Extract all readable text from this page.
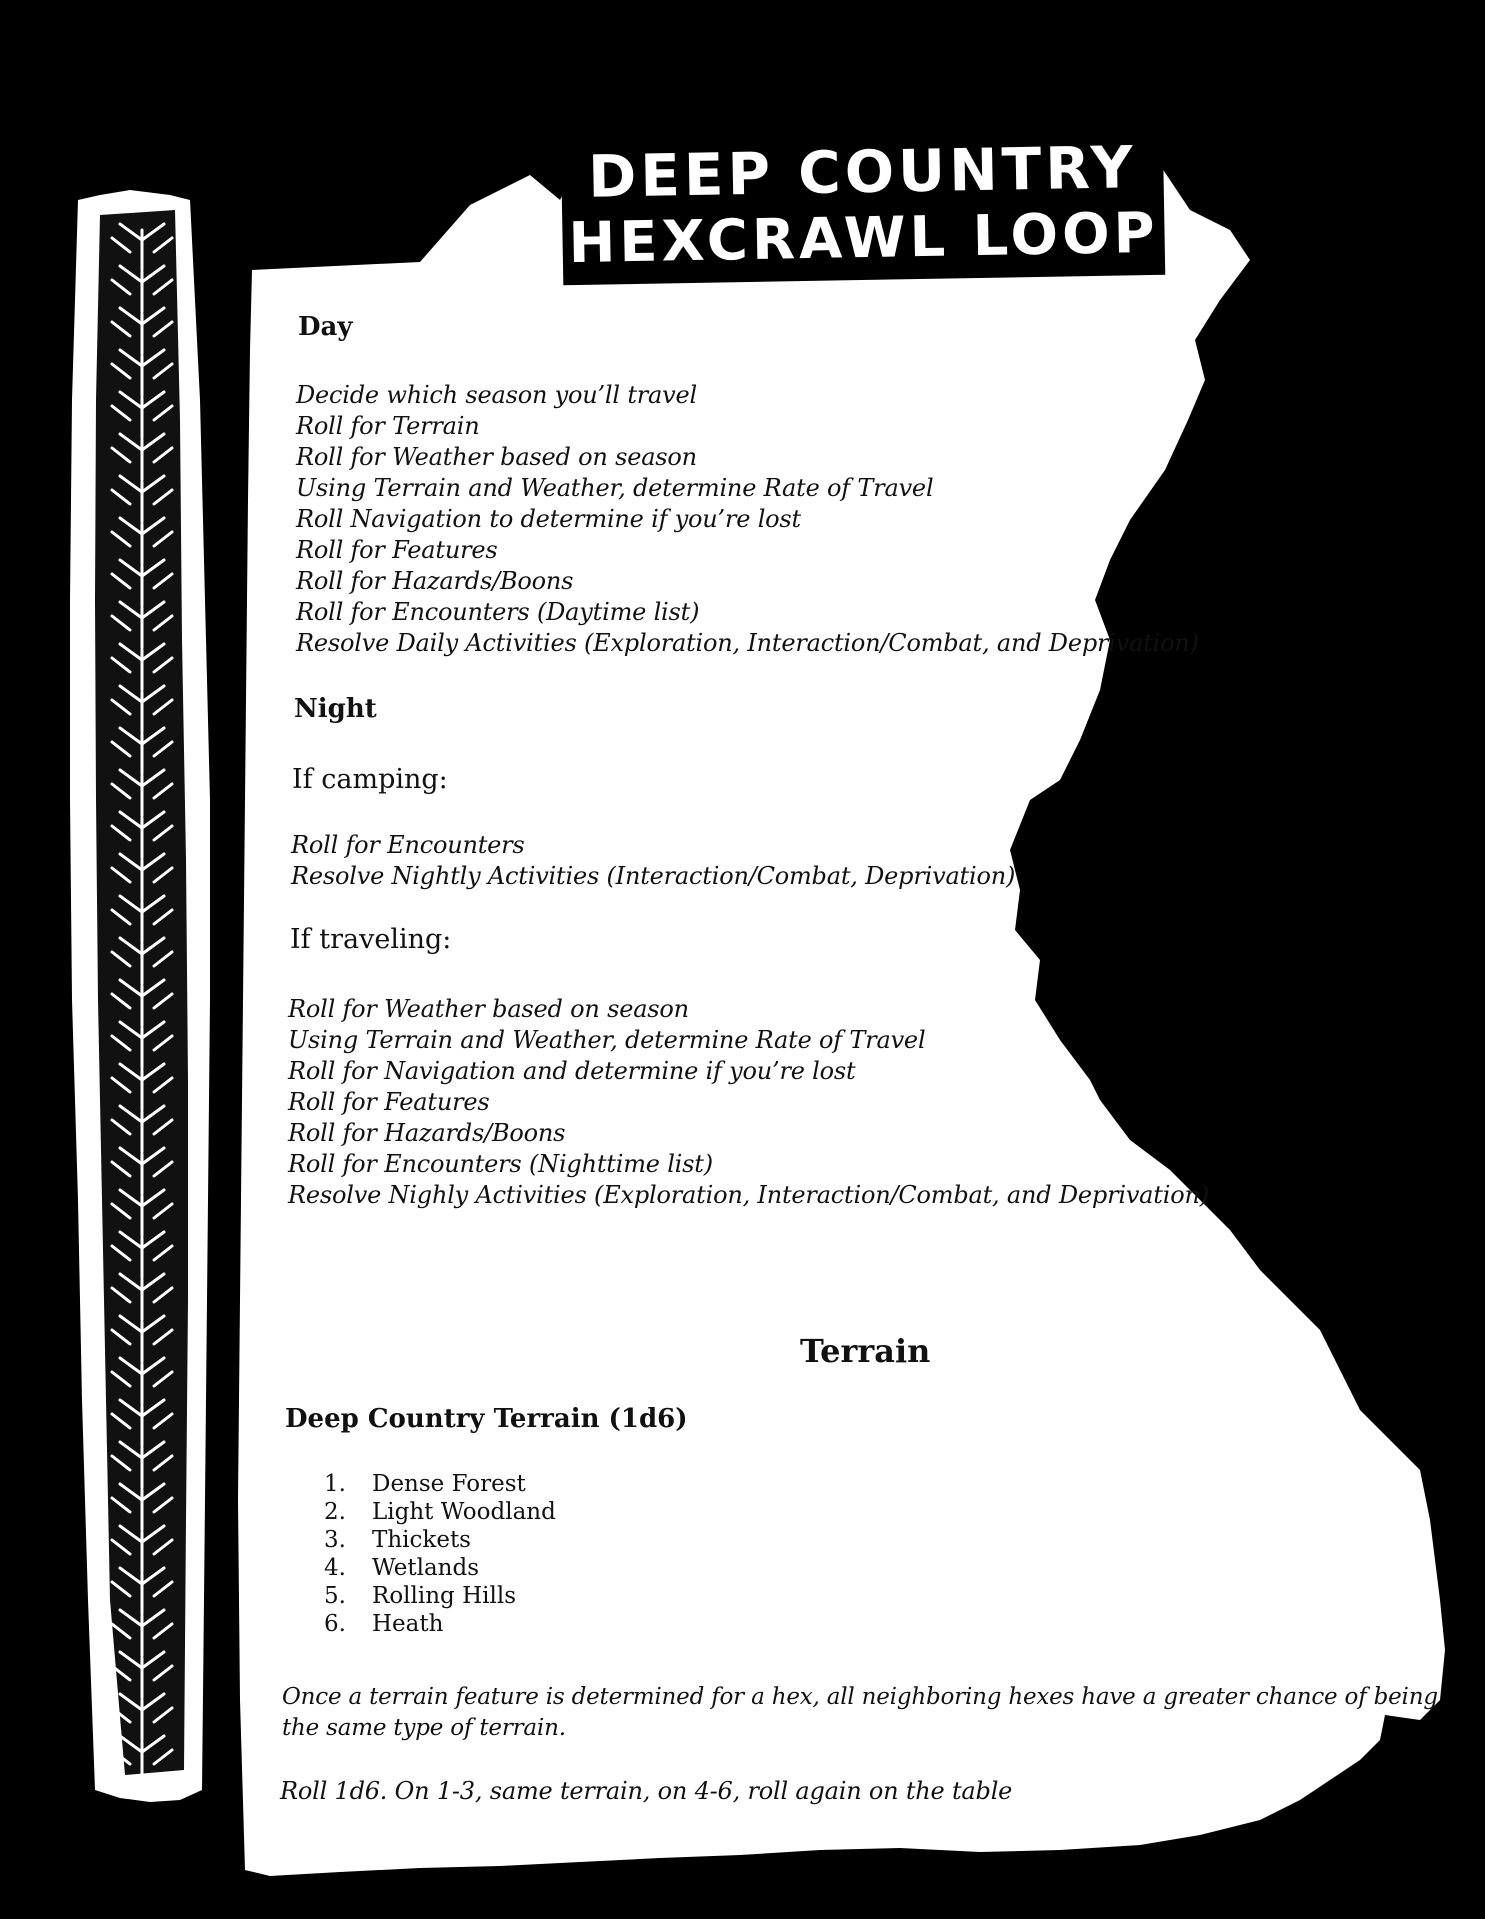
DEEP COUNTRY
HEXCRAWL LOOP
Day
Decide which season you’ll travel
Roll for Terrain
Roll for Weather based on season
Using Terrain and Weather, determine Rate of Travel
Roll Navigation to determine if you’re lost
Roll for Features
Roll for Hazards/Boons
Roll for Encounters (Daytime list)
Resolve Daily Activities (Exploration, Interaction/Combat, and Deprivation)
Night
If camping:
Roll for Encounters
Resolve Nightly Activities (Interaction/Combat, Deprivation)
If traveling:
Roll for Weather based on season
Using Terrain and Weather, determine Rate of Travel
Roll for Navigation and determine if you’re lost
Roll for Features
Roll for Hazards/Boons
Roll for Encounters (Nighttime list)
Resolve Nighly Activities (Exploration, Interaction/Combat, and Deprivation)
Terrain
Deep Country Terrain (1d6)
1.	Dense Forest
2.	Light Woodland
3.	Thickets
4.	Wetlands
5.	Rolling Hills
6.	Heath
Once a terrain feature is determined for a hex, all neighboring hexes have a greater chance of being
the same type of terrain.
Roll 1d6. On 1-3, same terrain, on 4-6, roll again on the table
